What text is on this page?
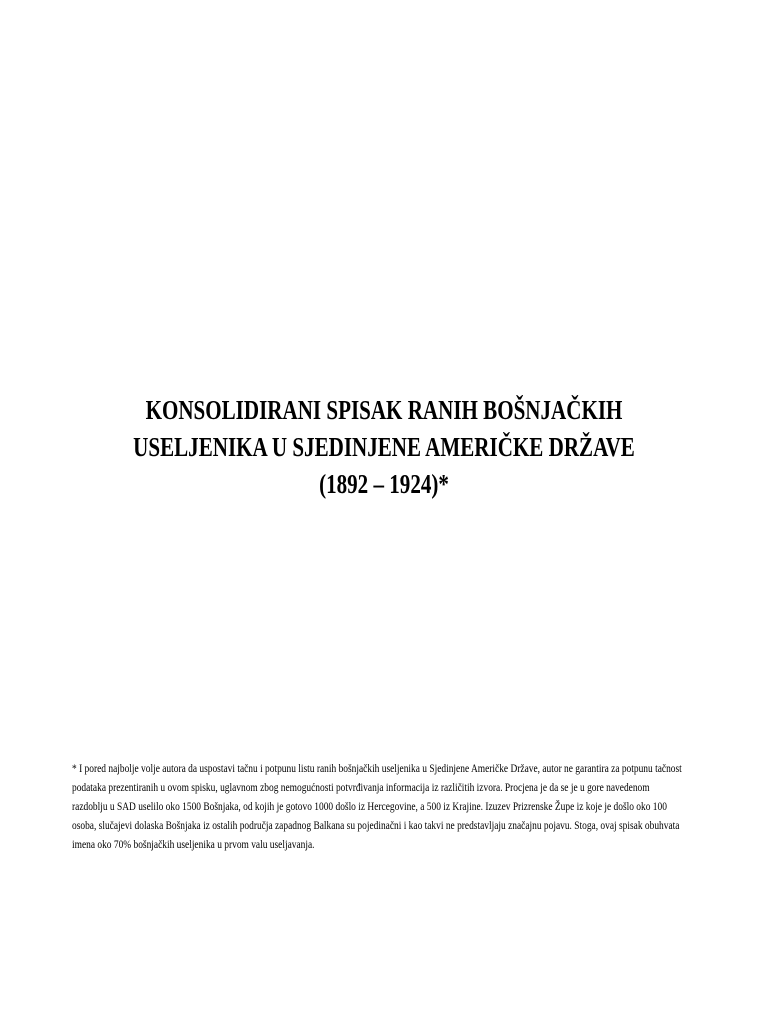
KONSOLIDIRANI SPISAK RANIH BOŠNJAČKIH
USELJENIKA U SJEDINJENE AMERIČKE DRŽAVE
(1892 – 1924)*
* I pored najbolje volje autora da uspostavi tačnu i potpunu listu ranih bošnjačkih useljenika u Sjedinjene Američke Države, autor ne garantira za potpunu tačnost
podataka prezentiranih u ovom spisku, uglavnom zbog nemogućnosti potvrđivanja informacija iz različitih izvora. Procjena je da se je u gore navedenom
razdoblju u SAD uselilo oko 1500 Bošnjaka, od kojih je gotovo 1000 došlo iz Hercegovine, a 500 iz Krajine. Izuzev Prizrenske Župe iz koje je došlo oko 100
osoba, slučajevi dolaska Bošnjaka iz ostalih područja zapadnog Balkana su pojedinačni i kao takvi ne predstavljaju značajnu pojavu. Stoga, ovaj spisak obuhvata
imena oko 70% bošnjačkih useljenika u prvom valu useljavanja.
